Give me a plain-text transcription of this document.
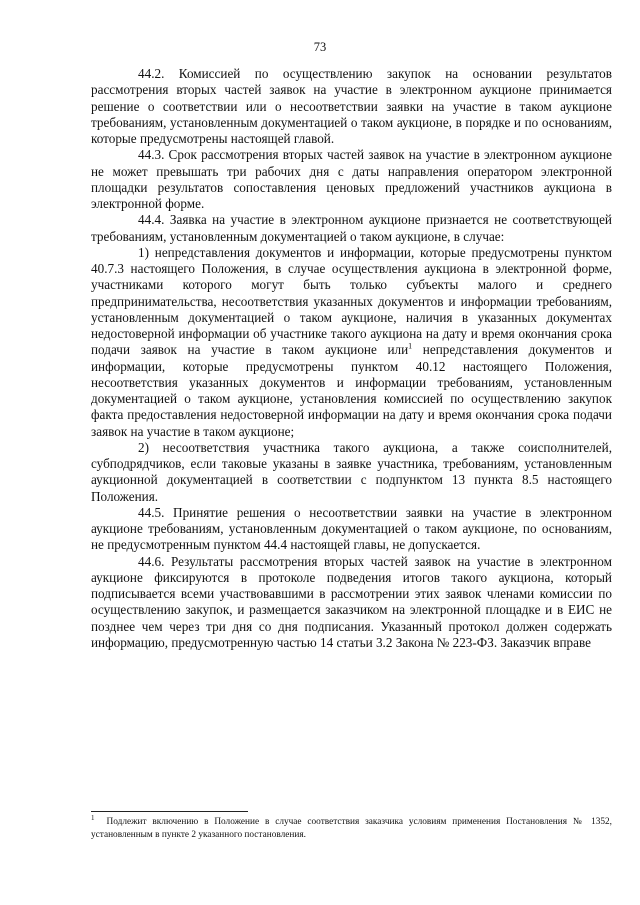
73

44.2. Комиссией по осуществлению закупок на основании результатов рассмотрения вторых частей заявок на участие в электронном аукционе принимается решение о соответствии или о несоответствии заявки на участие в таком аукционе требованиям, установленным документацией о таком аукционе, в порядке и по основаниям, которые предусмотрены настоящей главой.

44.3. Срок рассмотрения вторых частей заявок на участие в электронном аукционе не может превышать три рабочих дня с даты направления оператором электронной площадки результатов сопоставления ценовых предложений участников аукциона в электронной форме.

44.4. Заявка на участие в электронном аукционе признается не соответствующей требованиям, установленным документацией о таком аукционе, в случае:

1) непредставления документов и информации, которые предусмотрены пунктом 40.7.3 настоящего Положения, в случае осуществления аукциона в электронной форме, участниками которого могут быть только субъекты малого и среднего предпринимательства, несоответствия указанных документов и информации требованиям, установленным документацией о таком аукционе, наличия в указанных документах недостоверной информации об участнике такого аукциона на дату и время окончания срока подачи заявок на участие в таком аукционе или$^1$ непредставления документов и информации, которые предусмотрены пунктом 40.12 настоящего Положения, несоответствия указанных документов и информации требованиям, установленным документацией о таком аукционе, установления комиссией по осуществлению закупок факта предоставления недостоверной информации на дату и время окончания срока подачи заявок на участие в таком аукционе;

2) несоответствия участника такого аукциона, а также соисполнителей, субподрядчиков, если таковые указаны в заявке участника, требованиям, установленным аукционной документацией в соответствии с подпунктом 13 пункта 8.5 настоящего Положения.

44.5. Принятие решения о несоответствии заявки на участие в электронном аукционе требованиям, установленным документацией о таком аукционе, по основаниям, не предусмотренным пунктом 44.4 настоящей главы, не допускается.

44.6. Результаты рассмотрения вторых частей заявок на участие в электронном аукционе фиксируются в протоколе подведения итогов такого аукциона, который подписывается всеми участвовавшими в рассмотрении этих заявок членами комиссии по осуществлению закупок, и размещается заказчиком на электронной площадке и в ЕИС не позднее чем через три дня со дня подписания. Указанный протокол должен содержать информацию, предусмотренную частью 14 статьи 3.2 Закона № 223-ФЗ. Заказчик вправе

$^1$ Подлежит включению в Положение в случае соответствия заказчика условиям применения Постановления № 1352, установленным в пункте 2 указанного постановления.
